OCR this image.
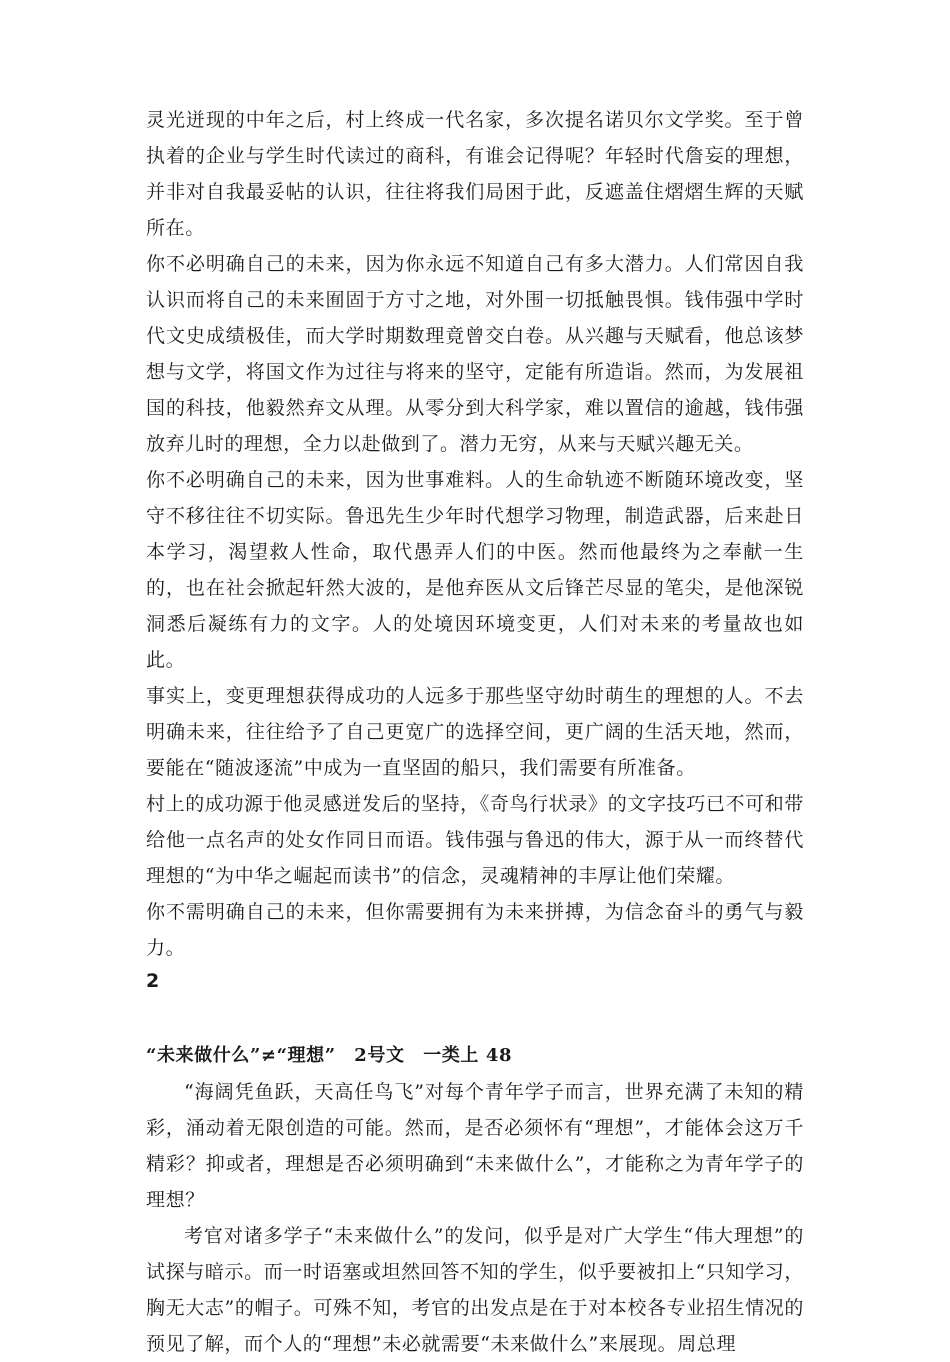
灵光迸现的中年之后，村上终成一代名家，多次提名诺贝尔文学奖。至于曾执着的企业与学生时代读过的商科，有谁会记得呢？年轻时代詹妄的理想，并非对自我最妥帖的认识，往往将我们局困于此，反遮盖住熠熠生辉的天赋所在。

你不必明确自己的未来，因为你永远不知道自己有多大潜力。人们常因自我认识而将自己的未来囿固于方寸之地，对外围一切抵触畏惧。钱伟强中学时代文史成绩极佳，而大学时期数理竟曾交白卷。从兴趣与天赋看，他总该梦想与文学，将国文作为过往与将来的坚守，定能有所造诣。然而，为发展祖国的科技，他毅然弃文从理。从零分到大科学家，难以置信的逾越，钱伟强放弃儿时的理想，全力以赴做到了。潜力无穷，从来与天赋兴趣无关。

你不必明确自己的未来，因为世事难料。人的生命轨迹不断随环境改变，坚守不移往往不切实际。鲁迅先生少年时代想学习物理，制造武器，后来赴日本学习，渴望救人性命，取代愚弄人们的中医。然而他最终为之奉献一生的，也在社会掀起轩然大波的，是他弃医从文后锋芒尽显的笔尖，是他深锐洞悉后凝练有力的文字。人的处境因环境变更，人们对未来的考量故也如此。

事实上，变更理想获得成功的人远多于那些坚守幼时萌生的理想的人。不去明确未来，往往给予了自己更宽广的选择空间，更广阔的生活天地，然而，要能在“随波逐流”中成为一直坚固的船只，我们需要有所准备。

村上的成功源于他灵感迸发后的坚持，《奇鸟行状录》的文字技巧已不可和带给他一点名声的处女作同日而语。钱伟强与鲁迅的伟大，源于从一而终替代理想的“为中华之崛起而读书”的信念，灵魂精神的丰厚让他们荣耀。

你不需明确自己的未来，但你需要拥有为未来拼搏，为信念奋斗的勇气与毅力。

2

“未来做什么”≠“理想”　2号文　一类上 48

“海阔凭鱼跃，天高任鸟飞”对每个青年学子而言，世界充满了未知的精彩，涌动着无限创造的可能。然而，是否必须怀有“理想”，才能体会这万千精彩？抑或者，理想是否必须明确到“未来做什么”，才能称之为青年学子的理想？

考官对诸多学子“未来做什么”的发问，似乎是对广大学生“伟大理想”的试探与暗示。而一时语塞或坦然回答不知的学生，似乎要被扣上“只知学习，胸无大志”的帽子。可殊不知，考官的出发点是在于对本校各专业招生情况的预见了解，而个人的“理想”未必就需要“未来做什么”来展现。周总理
